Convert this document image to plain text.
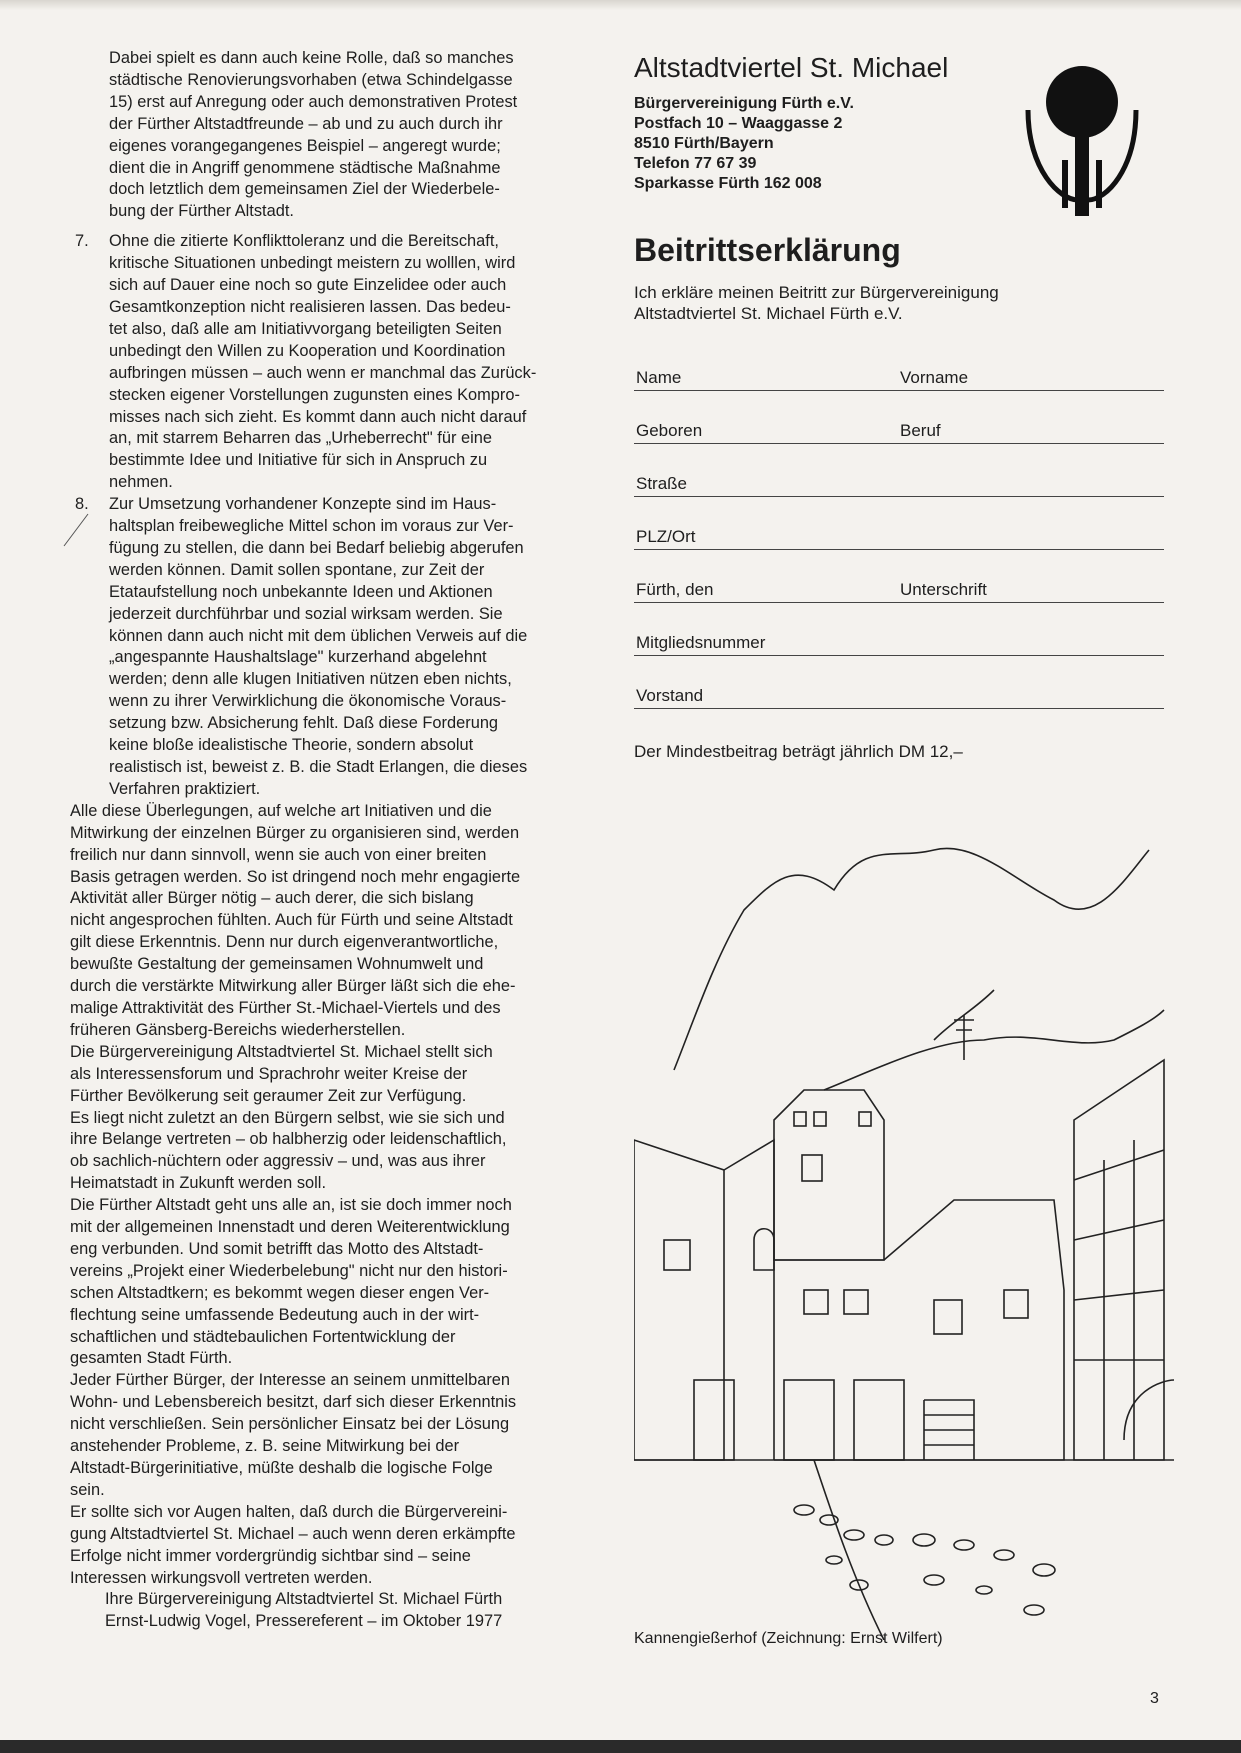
Dabei spielt es dann auch keine Rolle, daß so manches

städtische Renovierungsvorhaben (etwa Schindelgasse

15) erst auf Anregung oder auch demonstrativen Protest

der Fürther Altstadtfreunde – ab und zu auch durch ihr

eigenes vorangegangenes Beispiel – angeregt wurde;

dient die in Angriff genommene städtische Maßnahme

doch letztlich dem gemeinsamen Ziel der Wiederbele-

bung der Fürther Altstadt.

7. Ohne die zitierte Konflikttoleranz und die Bereitschaft,

kritische Situationen unbedingt meistern zu wolllen, wird

sich auf Dauer eine noch so gute Einzelidee oder auch

Gesamtkonzeption nicht realisieren lassen. Das bedeu-

tet also, daß alle am Initiativvorgang beteiligten Seiten

unbedingt den Willen zu Kooperation und Koordination

aufbringen müssen – auch wenn er manchmal das Zurück-

stecken eigener Vorstellungen zugunsten eines Kompro-

misses nach sich zieht. Es kommt dann auch nicht darauf

an, mit starrem Beharren das „Urheberrecht" für eine

bestimmte Idee und Initiative für sich in Anspruch zu

nehmen.

8. Zur Umsetzung vorhandener Konzepte sind im Haus-

haltsplan freibewegliche Mittel schon im voraus zur Ver-

fügung zu stellen, die dann bei Bedarf beliebig abgerufen

werden können. Damit sollen spontane, zur Zeit der

Etataufstellung noch unbekannte Ideen und Aktionen

jederzeit durchführbar und sozial wirksam werden. Sie

können dann auch nicht mit dem üblichen Verweis auf die

„angespannte Haushaltslage" kurzerhand abgelehnt

werden; denn alle klugen Initiativen nützen eben nichts,

wenn zu ihrer Verwirklichung die ökonomische Voraus-

setzung bzw. Absicherung fehlt. Daß diese Forderung

keine bloße idealistische Theorie, sondern absolut

realistisch ist, beweist z. B. die Stadt Erlangen, die dieses

Verfahren praktiziert.

Alle diese Überlegungen, auf welche art Initiativen und die

Mitwirkung der einzelnen Bürger zu organisieren sind, werden

freilich nur dann sinnvoll, wenn sie auch von einer breiten

Basis getragen werden. So ist dringend noch mehr engagierte

Aktivität aller Bürger nötig – auch derer, die sich bislang

nicht angesprochen fühlten. Auch für Fürth und seine Altstadt

gilt diese Erkenntnis. Denn nur durch eigenverantwortliche,

bewußte Gestaltung der gemeinsamen Wohnumwelt und

durch die verstärkte Mitwirkung aller Bürger läßt sich die ehe-

malige Attraktivität des Fürther St.-Michael-Viertels und des

früheren Gänsberg-Bereichs wiederherstellen.

Die Bürgervereinigung Altstadtviertel St. Michael stellt sich

als Interessensforum und Sprachrohr weiter Kreise der

Fürther Bevölkerung seit geraumer Zeit zur Verfügung.

Es liegt nicht zuletzt an den Bürgern selbst, wie sie sich und

ihre Belange vertreten – ob halbherzig oder leidenschaftlich,

ob sachlich-nüchtern oder aggressiv – und, was aus ihrer

Heimatstadt in Zukunft werden soll.

Die Fürther Altstadt geht uns alle an, ist sie doch immer noch

mit der allgemeinen Innenstadt und deren Weiterentwicklung

eng verbunden. Und somit betrifft das Motto des Altstadt-

vereins „Projekt einer Wiederbelebung" nicht nur den histori-

schen Altstadtkern; es bekommt wegen dieser engen Ver-

flechtung seine umfassende Bedeutung auch in der wirt-

schaftlichen und städtebaulichen Fortentwicklung der

gesamten Stadt Fürth.

Jeder Fürther Bürger, der Interesse an seinem unmittelbaren

Wohn- und Lebensbereich besitzt, darf sich dieser Erkenntnis

nicht verschließen. Sein persönlicher Einsatz bei der Lösung

anstehender Probleme, z. B. seine Mitwirkung bei der

Altstadt-Bürgerinitiative, müßte deshalb die logische Folge

sein.

Er sollte sich vor Augen halten, daß durch die Bürgervereini-

gung Altstadtviertel St. Michael – auch wenn deren erkämpfte

Erfolge nicht immer vordergründig sichtbar sind – seine

Interessen wirkungsvoll vertreten werden.

Ihre Bürgervereinigung Altstadtviertel St. Michael Fürth

Ernst-Ludwig Vogel, Pressereferent – im Oktober 1977

Altstadtviertel St. Michael

Bürgervereinigung Fürth e.V.
Postfach 10 – Waaggasse 2
8510 Fürth/Bayern
Telefon 77 67 39
Sparkasse Fürth 162 008
Beitrittserklärung
Ich erkläre meinen Beitritt zur Bürgervereinigung
Altstadtviertel St. Michael Fürth e.V.
Name	Vorname
Geboren	Beruf
Straße
PLZ/Ort
Fürth, den	Unterschrift
Mitgliedsnummer
Vorstand
Der Mindestbeitrag beträgt jährlich DM 12,–
Kannengießerhof (Zeichnung: Ernst Wilfert)
3
